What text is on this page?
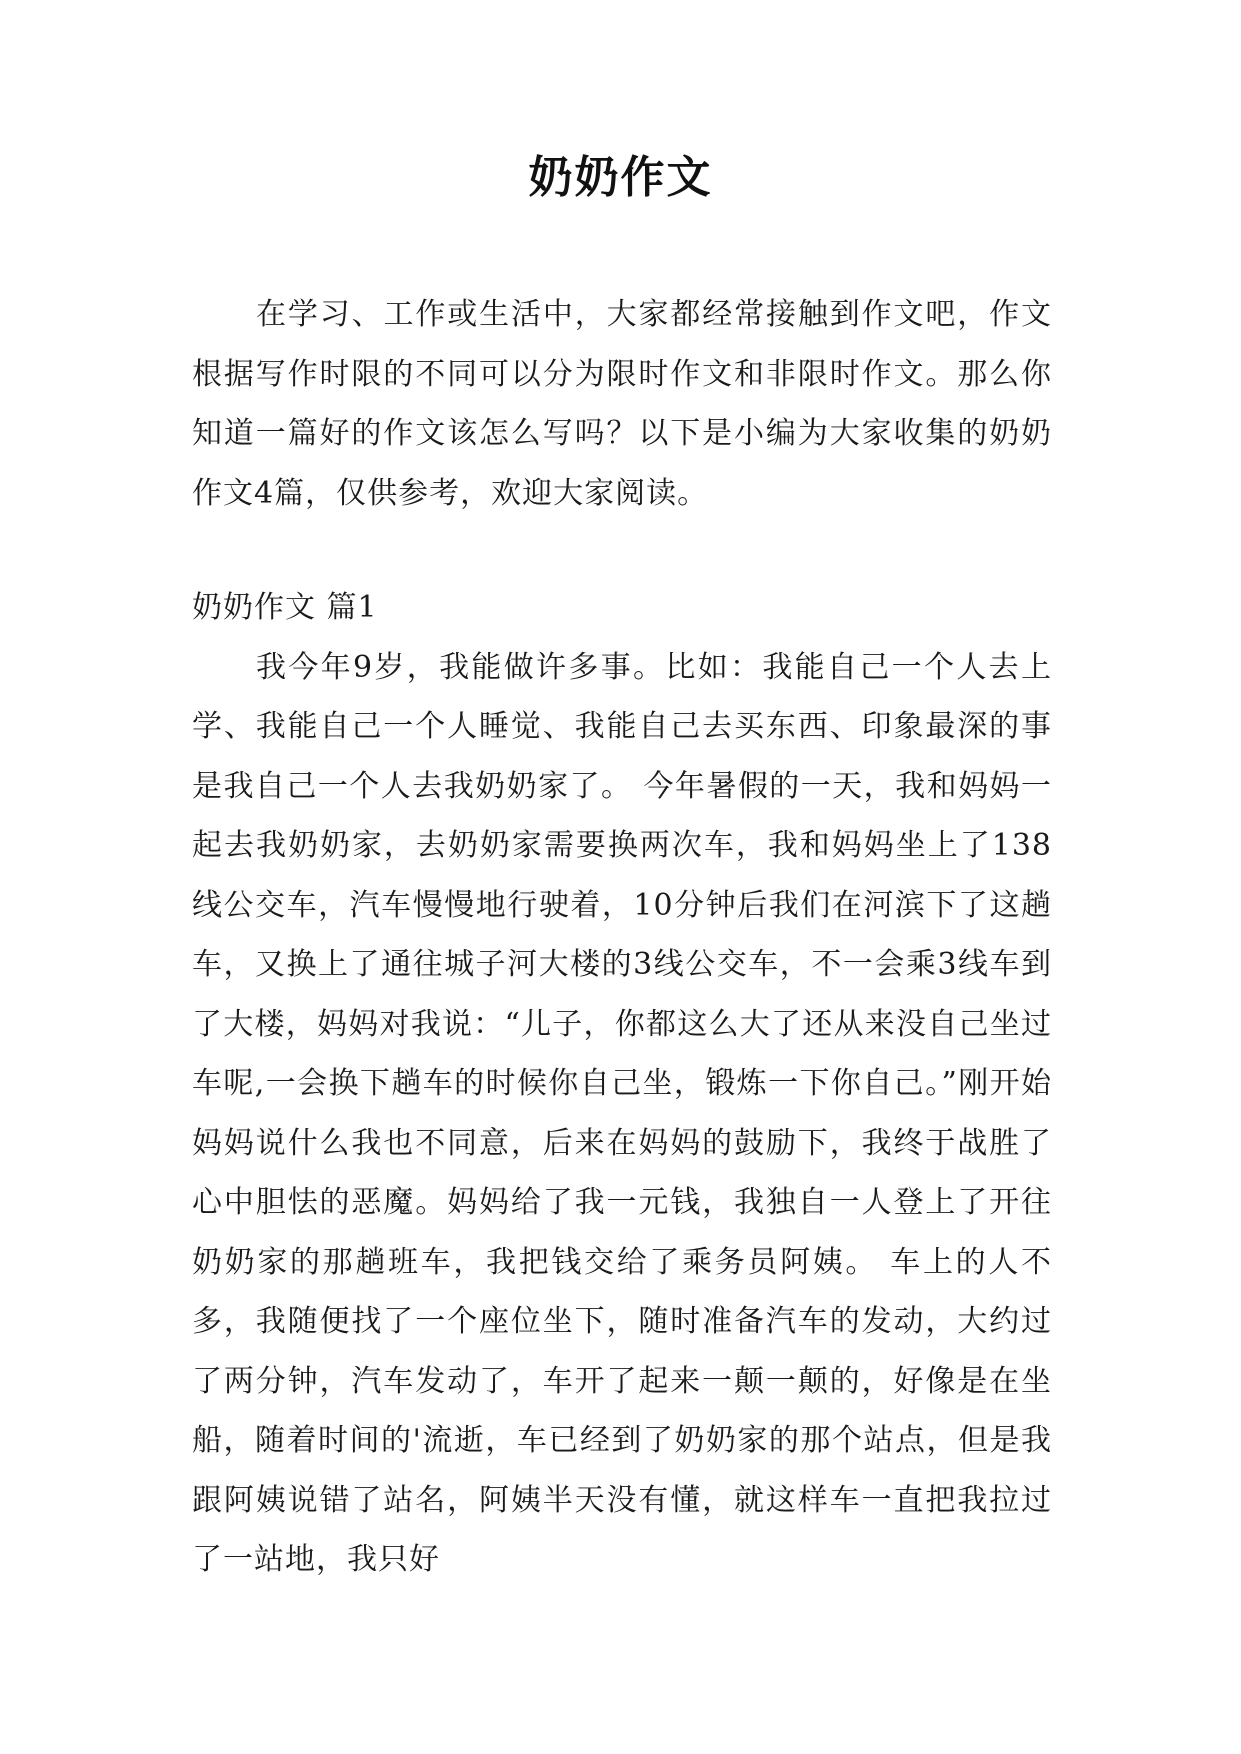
奶奶作文

在学习、工作或生活中，大家都经常接触到作文吧，作文根据写作时限的不同可以分为限时作文和非限时作文。那么你知道一篇好的作文该怎么写吗？以下是小编为大家收集的奶奶作文4篇，仅供参考，欢迎大家阅读。

奶奶作文 篇1

我今年9岁，我能做许多事。比如：我能自己一个人去上学、我能自己一个人睡觉、我能自己去买东西、印象最深的事是我自己一个人去我奶奶家了。 今年暑假的一天，我和妈妈一起去我奶奶家，去奶奶家需要换两次车，我和妈妈坐上了138线公交车，汽车慢慢地行驶着，10分钟后我们在河滨下了这趟车，又换上了通往城子河大楼的3线公交车，不一会乘3线车到了大楼，妈妈对我说：“儿子，你都这么大了还从来没自己坐过车呢,一会换下趟车的时候你自己坐，锻炼一下你自己。”刚开始妈妈说什么我也不同意，后来在妈妈的鼓励下，我终于战胜了心中胆怯的恶魔。妈妈给了我一元钱，我独自一人登上了开往奶奶家的那趟班车，我把钱交给了乘务员阿姨。 车上的人不多，我随便找了一个座位坐下，随时准备汽车的发动，大约过了两分钟，汽车发动了，车开了起来一颠一颠的，好像是在坐船，随着时间的'流逝，车已经到了奶奶家的那个站点，但是我跟阿姨说错了站名，阿姨半天没有懂，就这样车一直把我拉过了一站地，我只好
